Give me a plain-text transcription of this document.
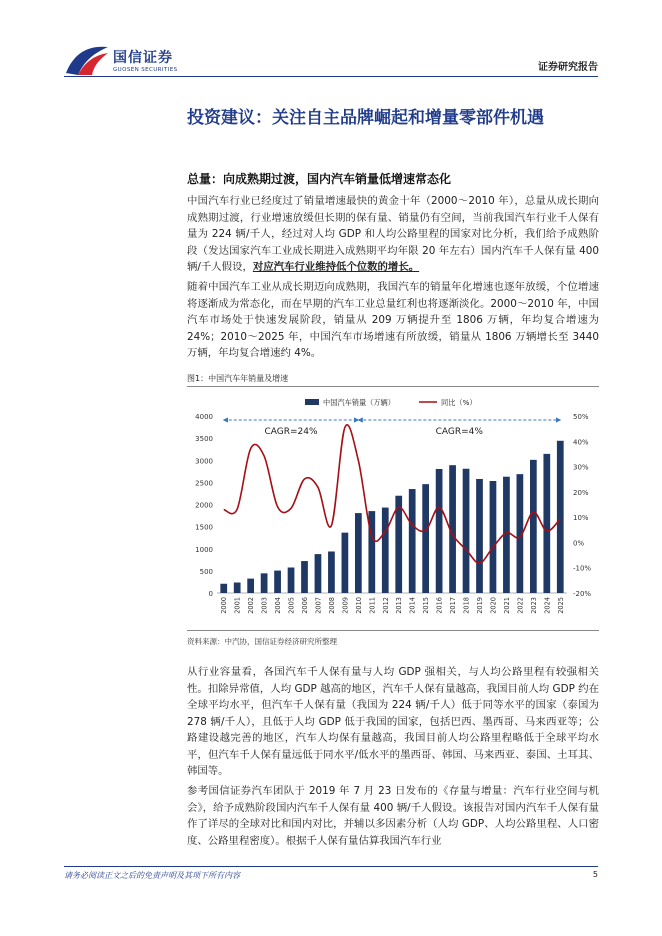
国信证券
GUOSEN SECURITIES	证券研究报告
投资建议：关注自主品牌崛起和增量零部件机遇
总量：向成熟期过渡，国内汽车销量低增速常态化
中国汽车行业已经度过了销量增速最快的黄金十年（2000～2010 年），总量从成长期向成熟期过渡，行业增速放缓但长期的保有量、销量仍有空间，当前我国汽车行业千人保有量为 224 辆/千人，经过对人均 GDP 和人均公路里程的国家对比分析，我们给予成熟阶段（发达国家汽车工业成长期进入成熟期平均年限 20 年左右）国内汽车千人保有量 400 辆/千人假设，对应汽车行业维持低个位数的增长。
随着中国汽车工业从成长期迈向成熟期，我国汽车的销量年化增速也逐年放缓，个位增速将逐渐成为常态化，而在早期的汽车工业总量红利也将逐渐淡化。2000～2010 年，中国汽车市场处于快速发展阶段，销量从 209 万辆提升至 1806 万辆，年均复合增速为 24%；2010～2025 年，中国汽车市场增速有所放缓，销量从 1806 万辆增长至 3440 万辆，年均复合增速约 4%。
图1：中国汽车年销量及增速
0
500
1000
1500
2000
2500
3000
3500
4000
-20%
-10%
0%
10%
20%
30%
40%
50%
2000 2001 2002 2003 2004 2005 2006 2007 2008 2009 2010 2011 2012 2013 2014 2015 2016 2017 2018 2019 2020 2021 2022 2023 2024 2025
CAGR=24%	CAGR=4%
中国汽车销量（万辆）	同比（%）
资料来源：中汽协，国信证券经济研究所整理
从行业容量看，各国汽车千人保有量与人均 GDP 强相关，与人均公路里程有较强相关性。扣除异常值，人均 GDP 越高的地区，汽车千人保有量越高，我国目前人均 GDP 约在全球平均水平，但汽车千人保有量（我国为 224 辆/千人）低于同等水平的国家（泰国为 278 辆/千人），且低于人均 GDP 低于我国的国家，包括巴西、墨西哥、马来西亚等；公路建设越完善的地区，汽车人均保有量越高，我国目前人均公路里程略低于全球平均水平，但汽车千人保有量远低于同水平/低水平的墨西哥、韩国、马来西亚、泰国、土耳其、韩国等。
参考国信证券汽车团队于 2019 年 7 月 23 日发布的《存量与增量：汽车行业空间与机会》，给予成熟阶段国内汽车千人保有量 400 辆/千人假设。该报告对国内汽车千人保有量作了详尽的全球对比和国内对比，并辅以多因素分析（人均 GDP、人均公路里程、人口密度、公路里程密度）。根据千人保有量估算我国汽车行业
请务必阅读正文之后的免责声明及其项下所有内容	5
